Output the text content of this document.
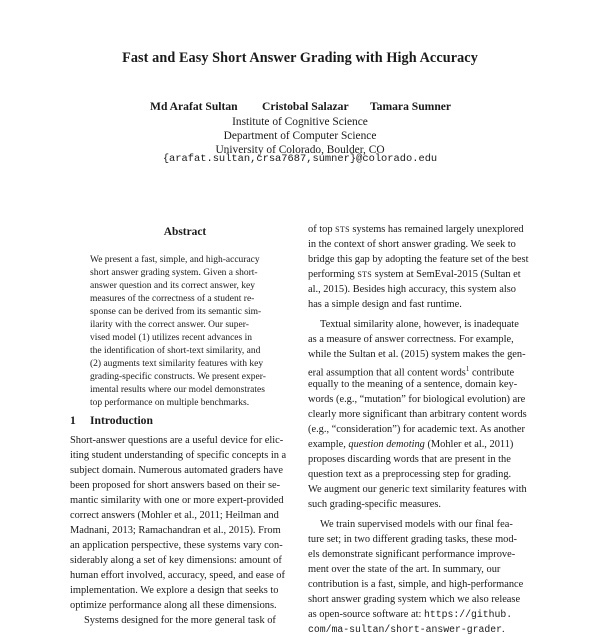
Fast and Easy Short Answer Grading with High Accuracy
Md Arafat Sultan Cristobal Salazar Tamara Sumner
Institute of Cognitive Science
Department of Computer Science
University of Colorado, Boulder, CO
{arafat.sultan,crsa7687,sumner}@colorado.edu
Abstract
We present a fast, simple, and high-accuracy
short answer grading system. Given a short-
answer question and its correct answer, key
measures of the correctness of a student re-
sponse can be derived from its semantic sim-
ilarity with the correct answer. Our super-
vised model (1) utilizes recent advances in
the identification of short-text similarity, and
(2) augments text similarity features with key
grading-specific constructs. We present exper-
imental results where our model demonstrates
top performance on multiple benchmarks.
1 Introduction
Short-answer questions are a useful device for elic-
iting student understanding of specific concepts in a
subject domain. Numerous automated graders have
been proposed for short answers based on their se-
mantic similarity with one or more expert-provided
correct answers (Mohler et al., 2011; Heilman and
Madnani, 2013; Ramachandran et al., 2015). From
an application perspective, these systems vary con-
siderably along a set of key dimensions: amount of
human effort involved, accuracy, speed, and ease of
implementation. We explore a design that seeks to
optimize performance along all these dimensions.
Systems designed for the more general task of
of top STS systems has remained largely unexplored
in the context of short answer grading. We seek to
bridge this gap by adopting the feature set of the best
performing STS system at SemEval-2015 (Sultan et
al., 2015). Besides high accuracy, this system also
has a simple design and fast runtime.
Textual similarity alone, however, is inadequate
as a measure of answer correctness. For example,
while the Sultan et al. (2015) system makes the gen-
eral assumption that all content words$^1$ contribute
equally to the meaning of a sentence, domain key-
words (e.g., “mutation” for biological evolution) are
clearly more significant than arbitrary content words
(e.g., “consideration”) for academic text. As another
example, question demoting (Mohler et al., 2011)
proposes discarding words that are present in the
question text as a preprocessing step for grading.
We augment our generic text similarity features with
such grading-specific measures.
We train supervised models with our final fea-
ture set; in two different grading tasks, these mod-
els demonstrate significant performance improve-
ment over the state of the art. In summary, our
contribution is a fast, simple, and high-performance
short answer grading system which we also release
as open-source software at: https://github.
com/ma-sultan/short-answer-grader.
